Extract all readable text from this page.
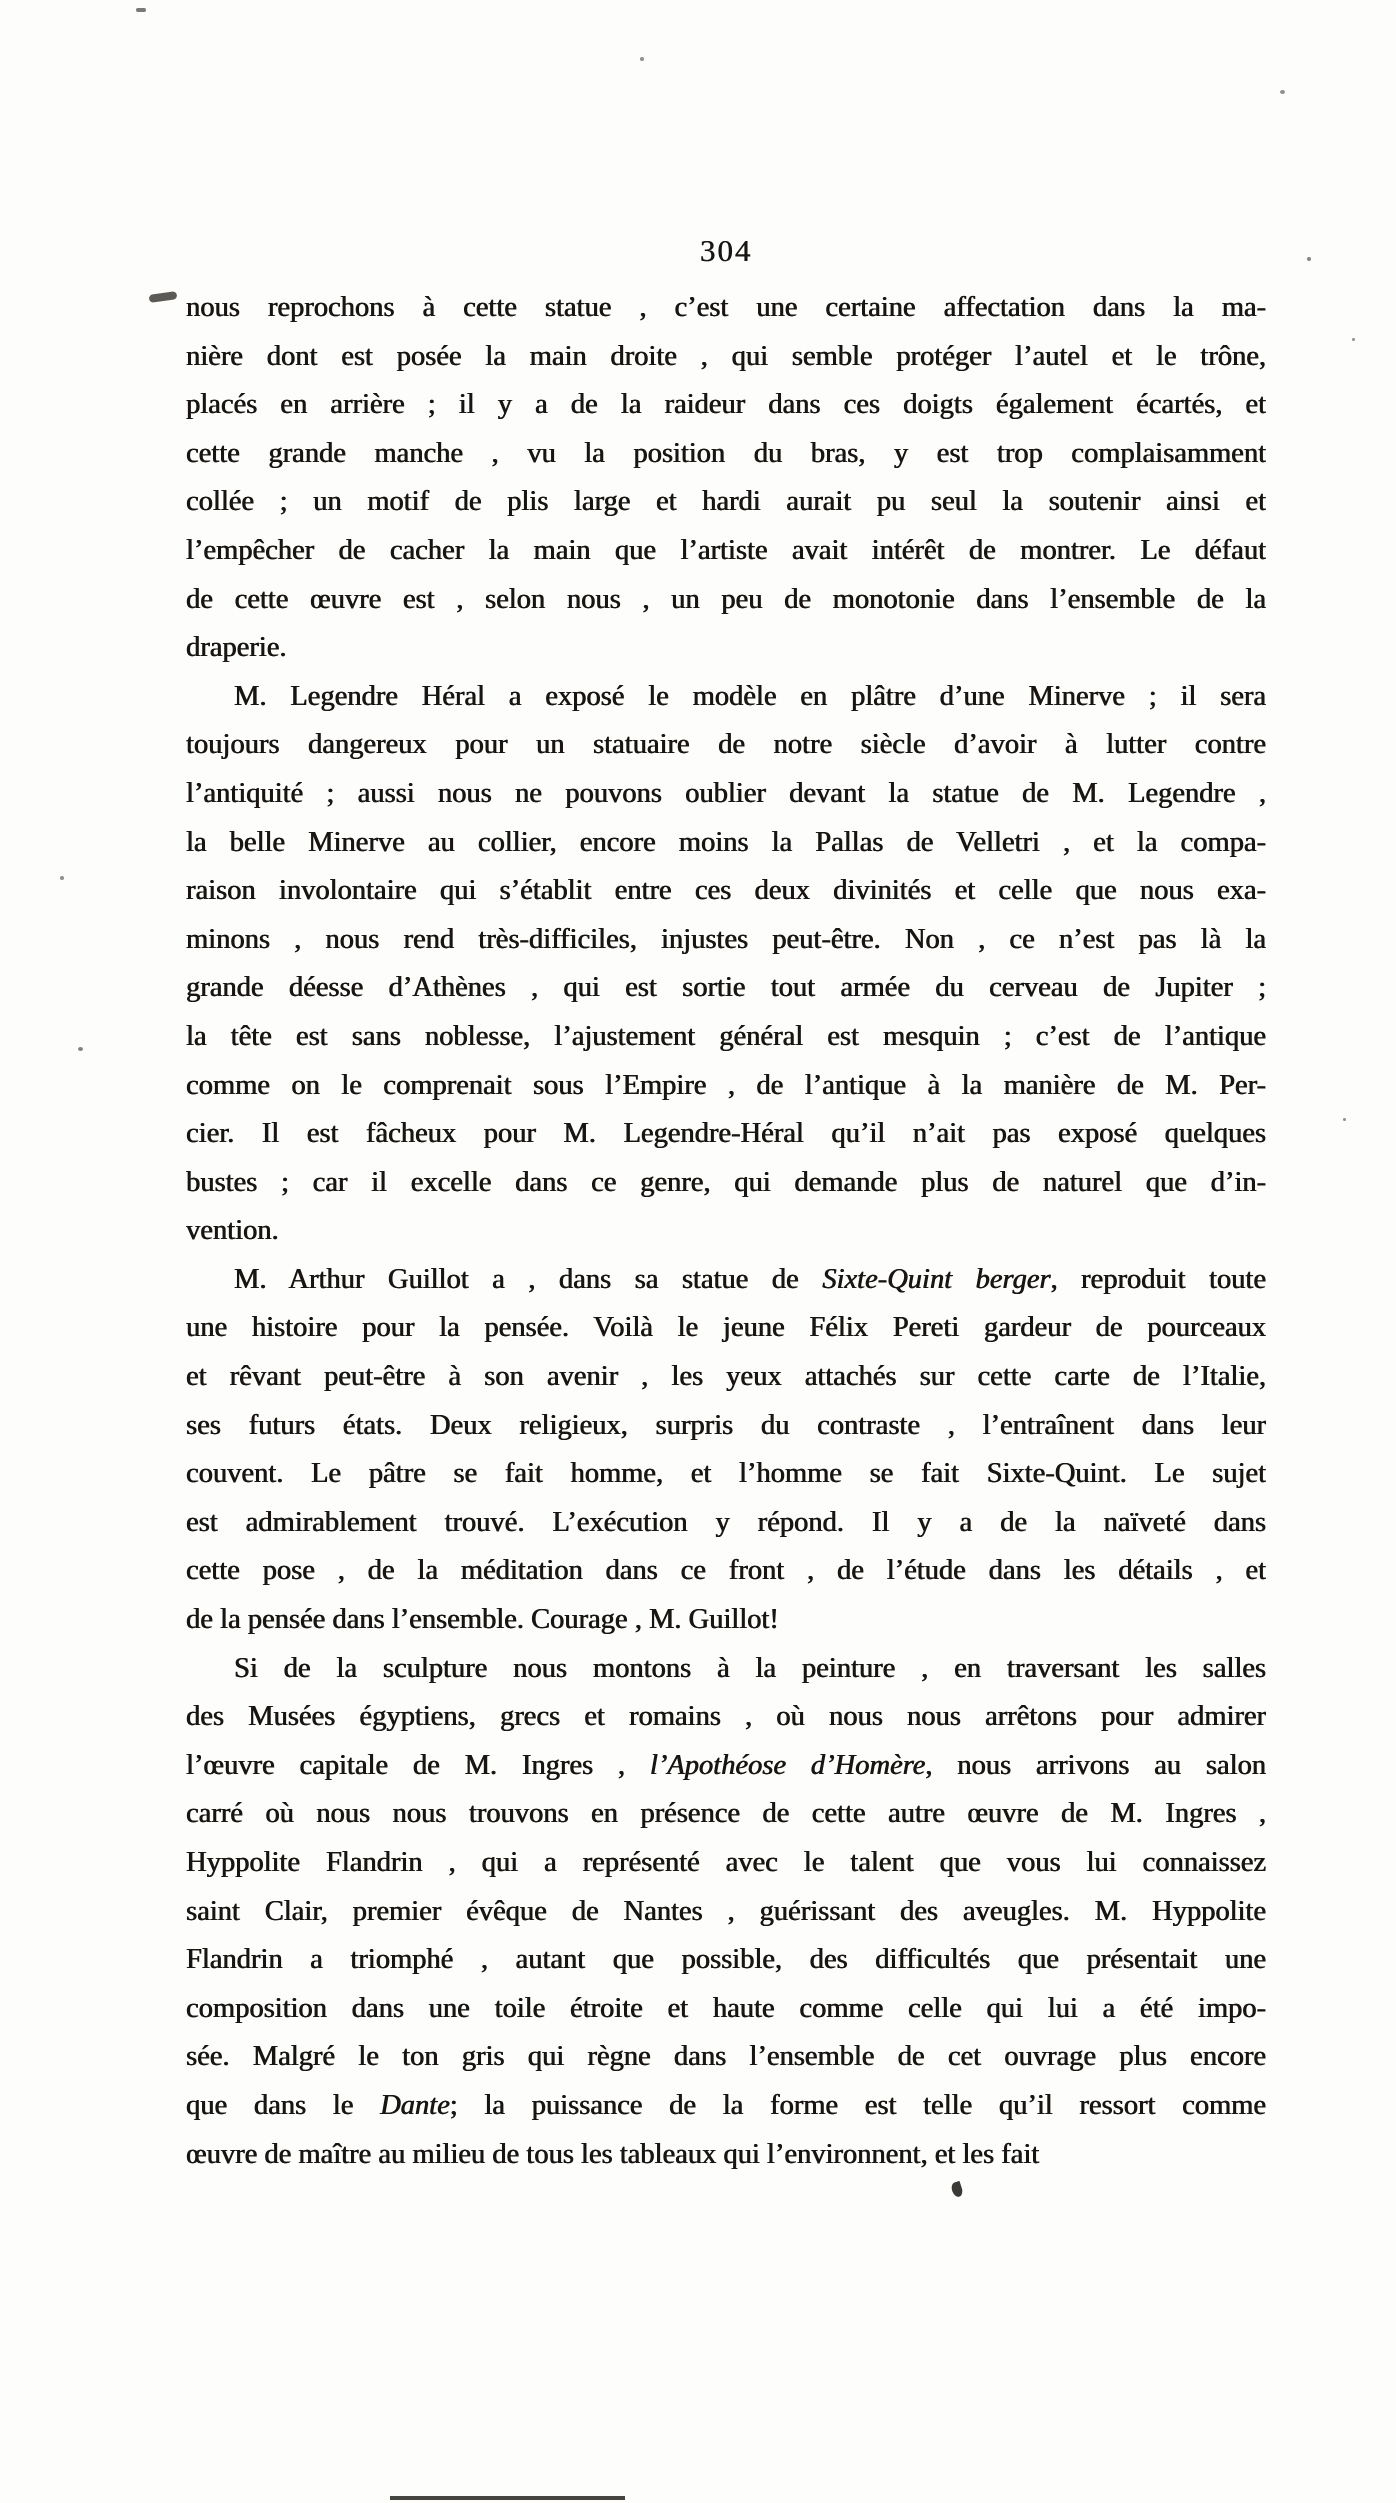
304
nous reprochons à cette statue , c’est une certaine affectation dans la ma-
nière dont est posée la main droite , qui semble protéger l’autel et le trône,
placés en arrière ; il y a de la raideur dans ces doigts également écartés, et
cette grande manche , vu la position du bras, y est trop complaisamment
collée ; un motif de plis large et hardi aurait pu seul la soutenir ainsi et
l’empêcher de cacher la main que l’artiste avait intérêt de montrer. Le défaut
de cette œuvre est , selon nous , un peu de monotonie dans l’ensemble de la
draperie.
M. Legendre Héral a exposé le modèle en plâtre d’une Minerve ; il sera
toujours dangereux pour un statuaire de notre siècle d’avoir à lutter contre
l’antiquité ; aussi nous ne pouvons oublier devant la statue de M. Legendre ,
la belle Minerve au collier, encore moins la Pallas de Velletri , et la compa-
raison involontaire qui s’établit entre ces deux divinités et celle que nous exa-
minons , nous rend très-difficiles, injustes peut-être. Non , ce n’est pas là la
grande déesse d’Athènes , qui est sortie tout armée du cerveau de Jupiter ;
la tête est sans noblesse, l’ajustement général est mesquin ; c’est de l’antique
comme on le comprenait sous l’Empire , de l’antique à la manière de M. Per-
cier. Il est fâcheux pour M. Legendre-Héral qu’il n’ait pas exposé quelques
bustes ; car il excelle dans ce genre, qui demande plus de naturel que d’in-
vention.
M. Arthur Guillot a , dans sa statue de Sixte-Quint berger, reproduit toute
une histoire pour la pensée. Voilà le jeune Félix Pereti gardeur de pourceaux
et rêvant peut-être à son avenir , les yeux attachés sur cette carte de l’Italie,
ses futurs états. Deux religieux, surpris du contraste , l’entraînent dans leur
couvent. Le pâtre se fait homme, et l’homme se fait Sixte-Quint. Le sujet
est admirablement trouvé. L’exécution y répond. Il y a de la naïveté dans
cette pose , de la méditation dans ce front , de l’étude dans les détails , et
de la pensée dans l’ensemble. Courage , M. Guillot!
Si de la sculpture nous montons à la peinture , en traversant les salles
des Musées égyptiens, grecs et romains , où nous nous arrêtons pour admirer
l’œuvre capitale de M. Ingres , l’Apothéose d’Homère, nous arrivons au salon
carré où nous nous trouvons en présence de cette autre œuvre de M. Ingres ,
Hyppolite Flandrin , qui a représenté avec le talent que vous lui connaissez
saint Clair, premier évêque de Nantes , guérissant des aveugles. M. Hyppolite
Flandrin a triomphé , autant que possible, des difficultés que présentait une
composition dans une toile étroite et haute comme celle qui lui a été impo-
sée. Malgré le ton gris qui règne dans l’ensemble de cet ouvrage plus encore
que dans le Dante; la puissance de la forme est telle qu’il ressort comme
œuvre de maître au milieu de tous les tableaux qui l’environnent, et les fait
